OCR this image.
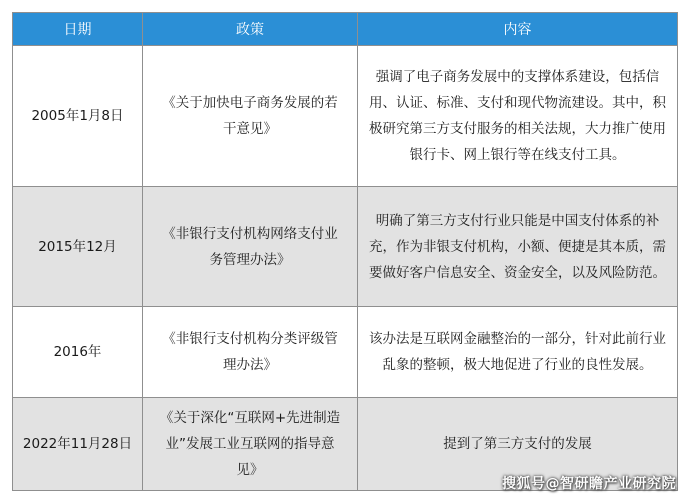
日期	政策	内容
2005年1月8日	《关于加快电子商务发展的若干意见》	强调了电子商务发展中的支撑体系建设，包括信用、认证、标准、支付和现代物流建设。其中，积极研究第三方支付服务的相关法规，大力推广使用银行卡、网上银行等在线支付工具。
2015年12月	《非银行支付机构网络支付业务管理办法》	明确了第三方支付行业只能是中国支付体系的补充，作为非银支付机构，小额、便捷是其本质，需要做好客户信息安全、资金安全，以及风险防范。
2016年	《非银行支付机构分类评级管理办法》	该办法是互联网金融整治的一部分，针对此前行业乱象的整顿，极大地促进了行业的良性发展。
2022年11月28日	《关于深化“互联网+先进制造业”发展工业互联网的指导意见》	提到了第三方支付的发展
搜狐号@智研瞻产业研究院
